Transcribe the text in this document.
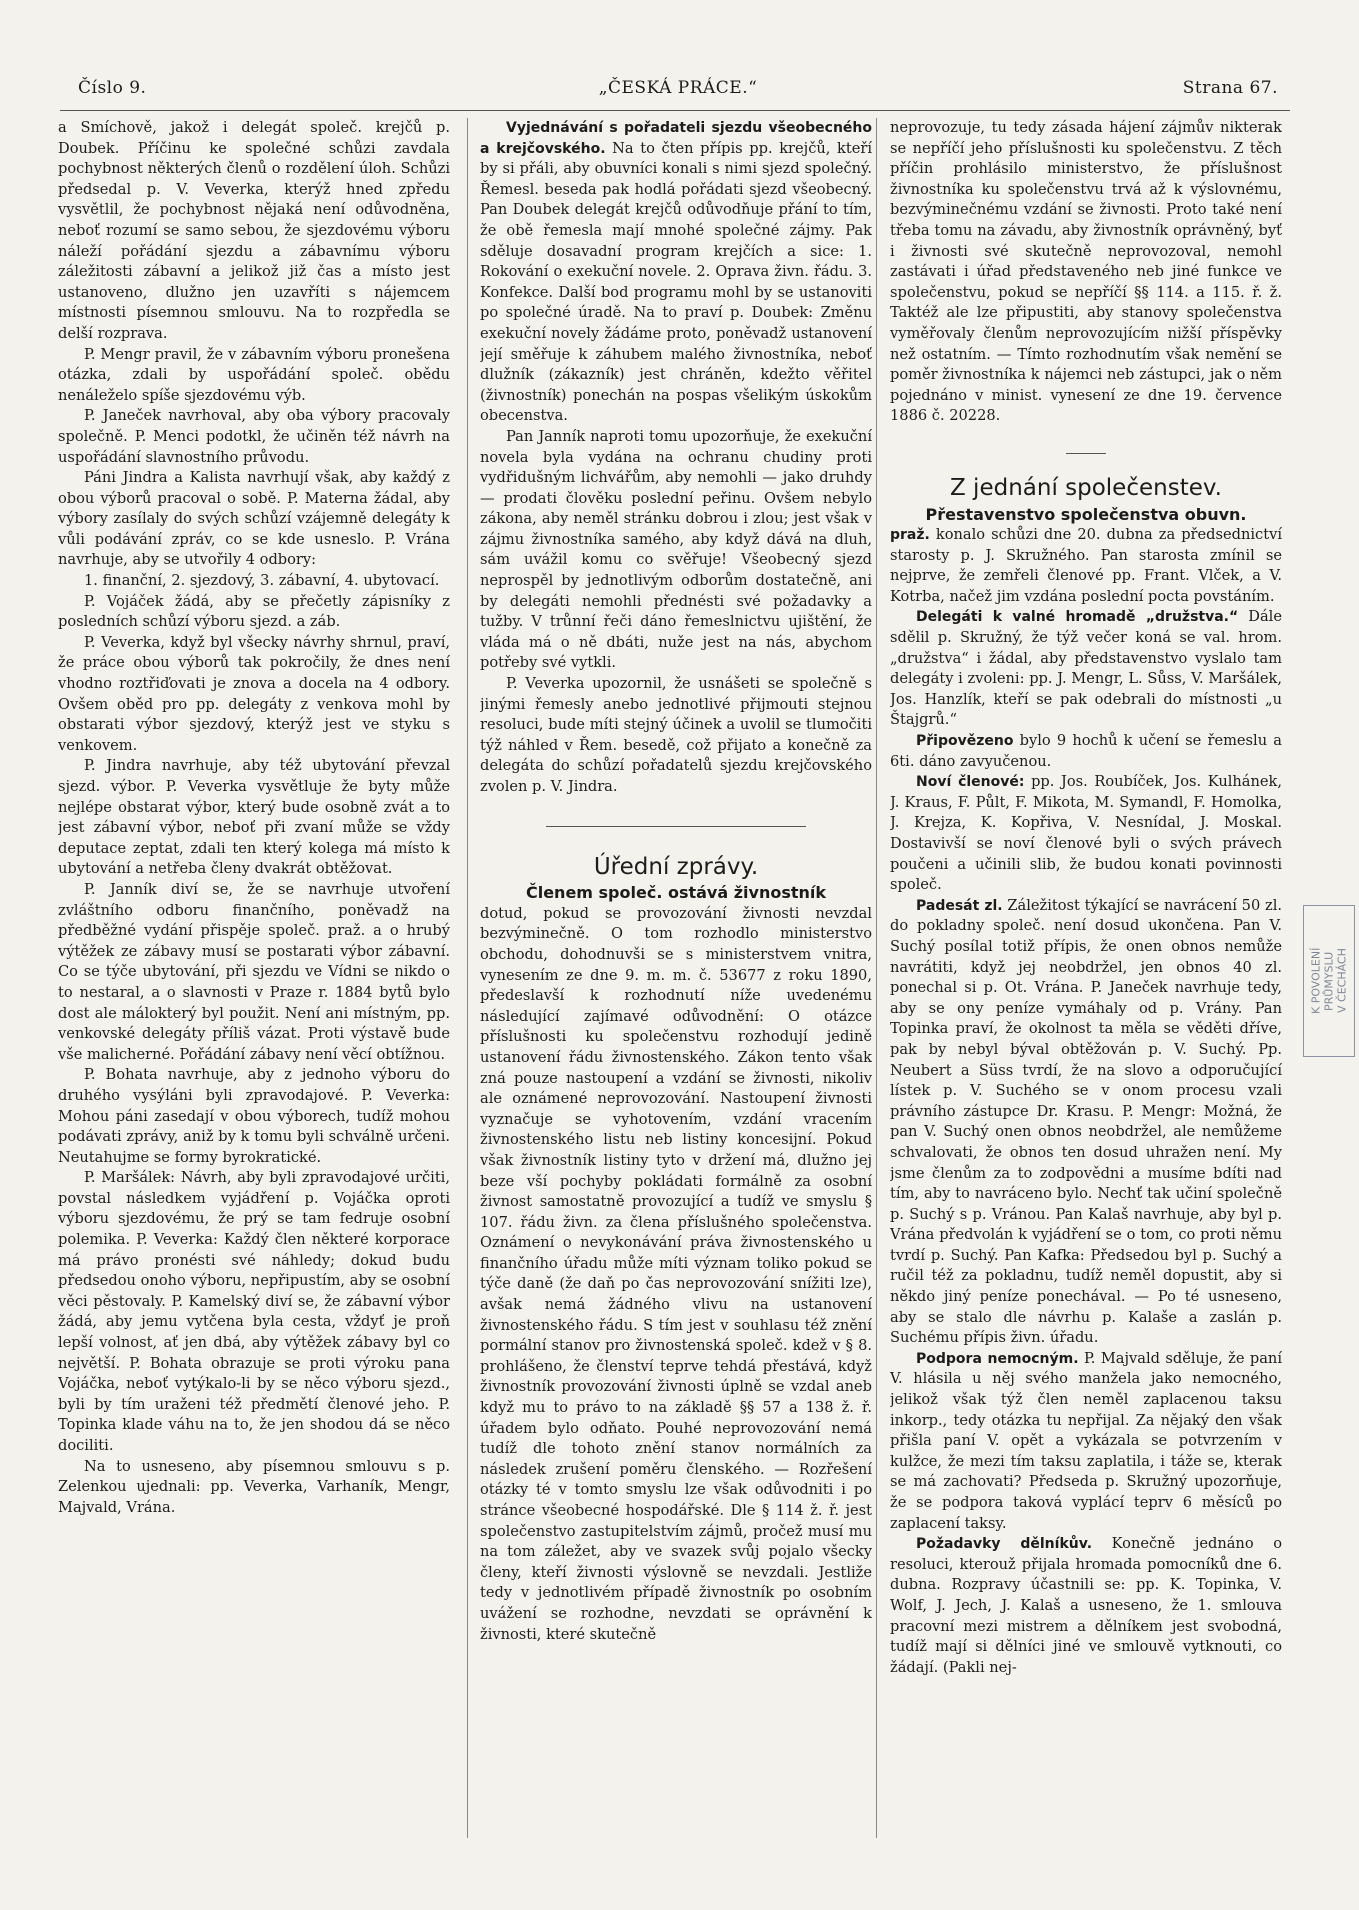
Číslo 9.	„ČESKÁ PRÁCE.“	Strana 67.

a Smíchově, jakož i delegát společ. krejčů p. Doubek. Příčinu ke společné schůzi zavdala pochybnost některých členů o rozdělení úloh. Schůzi předsedal p. V. Veverka, kterýž hned zpředu vysvětlil, že pochybnost nějaká není odůvodněna, neboť rozumí se samo sebou, že sjezdovému výboru náleží pořádání sjezdu a zábavnímu výboru záležitosti zábavní a jelikož již čas a místo jest ustanoveno, dlužno jen uzavříti s nájemcem místnosti písemnou smlouvu. Na to rozpředla se delší rozprava.

P. Mengr pravil, že v zábavním výboru pronešena otázka, zdali by uspořádání společ. obědu nenáleželo spíše sjezdovému výb.

P. Janeček navrhoval, aby oba výbory pracovaly společně. P. Menci podotkl, že učiněn též návrh na uspořádání slavnostního průvodu.

Páni Jindra a Kalista navrhují však, aby každý z obou výborů pracoval o sobě. P. Materna žádal, aby výbory zasílaly do svých schůzí vzájemně delegáty k vůli podávání zpráv, co se kde usneslo. P. Vrána navrhuje, aby se utvořily 4 odbory:

1. finanční, 2. sjezdový, 3. zábavní, 4. ubytovací.

P. Vojáček žádá, aby se přečetly zápisníky z posledních schůzí výboru sjezd. a záb.

P. Veverka, když byl všecky návrhy shrnul, praví, že práce obou výborů tak pokročily, že dnes není vhodno roztřiďovati je znova a docela na 4 odbory. Ovšem oběd pro pp. delegáty z venkova mohl by obstarati výbor sjezdový, kterýž jest ve styku s venkovem.

P. Jindra navrhuje, aby též ubytování převzal sjezd. výbor. P. Veverka vysvětluje že byty může nejlépe obstarat výbor, který bude osobně zvát a to jest zábavní výbor, neboť při zvaní může se vždy deputace zeptat, zdali ten který kolega má místo k ubytování a netřeba členy dvakrát obtěžovat.

P. Janník diví se, že se navrhuje utvoření zvláštního odboru finančního, poněvadž na předběžné vydání přispěje společ. praž. a o hrubý výtěžek ze zábavy musí se postarati výbor zábavní. Co se týče ubytování, při sjezdu ve Vídni se nikdo o to nestaral, a o slavnosti v Praze r. 1884 bytů bylo dost ale málokterý byl použit. Není ani místným, pp. venkovské delegáty příliš vázat. Proti výstavě bude vše malicherné. Pořádání zábavy není věcí obtížnou.

P. Bohata navrhuje, aby z jednoho výboru do druhého vysýláni byli zpravodajové. P. Veverka: Mohou páni zasedají v obou výborech, tudíž mohou podávati zprávy, aniž by k tomu byli schválně určeni. Neutahujme se formy byrokratické.

P. Maršálek: Návrh, aby byli zpravodajové určiti, povstal následkem vyjádření p. Vojáčka oproti výboru sjezdovému, že prý se tam fedruje osobní polemika. P. Veverka: Každý člen některé korporace má právo pronésti své náhledy; dokud budu předsedou onoho výboru, nepřipustím, aby se osobní věci pěstovaly. P. Kamelský diví se, že zábavní výbor žádá, aby jemu vytčena byla cesta, vždyť je proň lepší volnost, ať jen dbá, aby výtěžek zábavy byl co největší. P. Bohata obrazuje se proti výroku pana Vojáčka, neboť vytýkalo-li by se něco výboru sjezd., byli by tím uraženi též předmětí členové jeho. P. Topinka klade váhu na to, že jen shodou dá se něco dociliti.

Na to usneseno, aby písemnou smlouvu s p. Zelenkou ujednali: pp. Veverka, Varhaník, Mengr, Majvald, Vrána.

Vyjednávání s pořadateli sjezdu všeobecného a krejčovského. Na to čten přípis pp. krejčů, kteří by si přáli, aby obuvníci konali s nimi sjezd společný. Řemesl. beseda pak hodlá pořádati sjezd všeobecný. Pan Doubek delegát krejčů odůvodňuje přání to tím, že obě řemesla mají mnohé společné zájmy. Pak sděluje dosavadní program krejčích a sice: 1. Rokování o exekuční novele. 2. Oprava živn. řádu. 3. Konfekce. Další bod programu mohl by se ustanoviti po společné úradě. Na to praví p. Doubek: Změnu exekuční novely žádáme proto, poněvadž ustanovení její směřuje k záhubem malého živnostníka, neboť dlužník (zákazník) jest chráněn, kdežto věřitel (živnostník) ponechán na pospas všelikým úskokům obecenstva.

Pan Janník naproti tomu upozorňuje, že exekuční novela byla vydána na ochranu chudiny proti vydřidušným lichvářům, aby nemohli — jako druhdy — prodati člověku poslední peřinu. Ovšem nebylo zákona, aby neměl stránku dobrou i zlou; jest však v zájmu živnostníka samého, aby když dává na dluh, sám uvážil komu co svěřuje! Všeobecný sjezd neprospěl by jednotlivým odborům dostatečně, ani by delegáti nemohli přednésti své požadavky a tužby. V trůnní řeči dáno řemeslnictvu ujištění, že vláda má o ně dbáti, nuže jest na nás, abychom potřeby své vytkli.

P. Veverka upozornil, že usnášeti se společně s jinými řemesly anebo jednotlivé přijmouti stejnou resoluci, bude míti stejný účinek a uvolil se tlumočiti týž náhled v Řem. besedě, což přijato a konečně za delegáta do schůzí pořadatelů sjezdu krejčovského zvolen p. V. Jindra.

Úřední zprávy.
Členem společ. ostává živnostník

dotud, pokud se provozování živnosti nevzdal bezvýminečně. O tom rozhodlo ministerstvo obchodu, dohodnuvši se s ministerstvem vnitra, vynesením ze dne 9. m. m. č. 53677 z roku 1890, předeslavší k rozhodnutí níže uvedenému následující zajímavé odůvodnění: O otázce příslušnosti ku společenstvu rozhodují jedině ustanovení řádu živnostenského. Zákon tento však zná pouze nastoupení a vzdání se živnosti, nikoliv ale oznámené neprovozování. Nastoupení živnosti vyznačuje se vyhotovením, vzdání vracením živnostenského listu neb listiny koncesijní. Pokud však živnostník listiny tyto v držení má, dlužno jej beze vší pochyby pokládati formálně za osobní živnost samostatně provozující a tudíž ve smyslu § 107. řádu živn. za člena příslušného společenstva. Oznámení o nevykonávání práva živnostenského u finančního úřadu může míti význam toliko pokud se týče daně (že daň po čas neprovozování snížiti lze), avšak nemá žádného vlivu na ustanovení živnostenského řádu. S tím jest v souhlasu též znění pormální stanov pro živnostenská společ. kdež v § 8. prohlášeno, že členství teprve tehdá přestává, když živnostník provozování živnosti úplně se vzdal aneb když mu to právo to na základě §§ 57 a 138 ž. ř. úřadem bylo odňato. Pouhé neprovozování nemá tudíž dle tohoto znění stanov normálních za následek zrušení poměru členského. — Rozřešení otázky té v tomto smyslu lze však odůvodniti i po stránce všeobecné hospodářské. Dle § 114 ž. ř. jest společenstvo zastupitelstvím zájmů, pročež musí mu na tom záležet, aby ve svazek svůj pojalo všecky členy, kteří živnosti výslovně se nevzdali. Jestliže tedy v jednotlivém případě živnostník po osobním uvážení se rozhodne, nevzdati se oprávnění k živnosti, které skutečně

neprovozuje, tu tedy zásada hájení zájmův nikterak se nepříčí jeho příslušnosti ku společenstvu. Z těch příčin prohlásilo ministerstvo, že příslušnost živnostníka ku společenstvu trvá až k výslovnému, bezvýminečnému vzdání se živnosti. Proto také není třeba tomu na závadu, aby živnostník oprávněný, byť i živnosti své skutečně neprovozoval, nemohl zastávati i úřad představeného neb jiné funkce ve společenstvu, pokud se nepříčí §§ 114. a 115. ř. ž. Taktéž ale lze připustiti, aby stanovy společenstva vyměřovaly členům neprovozujícím nižší příspěvky než ostatním. — Tímto rozhodnutím však nemění se poměr živnostníka k nájemci neb zástupci, jak o něm pojednáno v minist. vynesení ze dne 19. července 1886 č. 20228.

Z jednání společenstev.
Přestavenstvo společenstva obuvn.

praž. konalo schůzi dne 20. dubna za předsednictví starosty p. J. Skružného. Pan starosta zmínil se nejprve, že zemřeli členové pp. Frant. Vlček, a V. Kotrba, načež jim vzdána poslední pocta povstáním.

Delegáti k valné hromadě „družstva.“ Dále sdělil p. Skružný, že týž večer koná se val. hrom. „družstva“ i žádal, aby představenstvo vyslalo tam delegáty i zvoleni: pp. J. Mengr, L. Sůss, V. Maršálek, Jos. Hanzlík, kteří se pak odebrali do místnosti „u Štajgrů.“

Připovězeno bylo 9 hochů k učení se řemeslu a 6ti. dáno zavyučenou.

Noví členové: pp. Jos. Roubíček, Jos. Kulhánek, J. Kraus, F. Půlt, F. Mikota, M. Symandl, F. Homolka, J. Krejza, K. Kopřiva, V. Nesnídal, J. Moskal. Dostavivší se noví členové byli o svých právech poučeni a učinili slib, že budou konati povinnosti společ.

Padesát zl. Záležitost týkající se navrácení 50 zl. do pokladny společ. není dosud ukončena. Pan V. Suchý posílal totiž přípis, že onen obnos nemůže navrátiti, když jej neobdržel, jen obnos 40 zl. ponechal si p. Ot. Vrána. P. Janeček navrhuje tedy, aby se ony peníze vymáhaly od p. Vrány. Pan Topinka praví, že okolnost ta měla se věděti dříve, pak by nebyl býval obtěžován p. V. Suchý. Pp. Neubert a Süss tvrdí, že na slovo a odporučující lístek p. V. Suchého se v onom procesu vzali právního zástupce Dr. Krasu. P. Mengr: Možná, že pan V. Suchý onen obnos neobdržel, ale nemůžeme schvalovati, že obnos ten dosud uhražen není. My jsme členům za to zodpovědni a musíme bdíti nad tím, aby to navráceno bylo. Nechť tak učiní společně p. Suchý s p. Vránou. Pan Kalaš navrhuje, aby byl p. Vrána předvolán k vyjádření se o tom, co proti němu tvrdí p. Suchý. Pan Kafka: Předsedou byl p. Suchý a ručil též za pokladnu, tudíž neměl dopustit, aby si někdo jiný peníze ponechával. — Po té usneseno, aby se stalo dle návrhu p. Kalaše a zaslán p. Suchému přípis živn. úřadu.

Podpora nemocným. P. Majvald sděluje, že paní V. hlásila u něj svého manžela jako nemocného, jelikož však týž člen neměl zaplacenou taksu inkorp., tedy otázka tu nepřijal. Za nějaký den však přišla paní V. opět a vykázala se potvrzením v kulžce, že mezi tím taksu zaplatila, i táže se, kterak se má zachovati? Předseda p. Skružný upozorňuje, že se podpora taková vyplácí teprv 6 měsíců po zaplacení taksy.

Požadavky dělníkův. Konečně jednáno o resoluci, kterouž přijala hromada pomocníků dne 6. dubna. Rozpravy účastnili se: pp. K. Topinka, V. Wolf, J. Jech, J. Kalaš a usneseno, že 1. smlouva pracovní mezi mistrem a dělníkem jest svobodná, tudíž mají si dělníci jiné ve smlouvě vytknouti, co žádají. (Pakli nej-

K POVOLENÍ
PRŮMYSLU
V ČECHÁCH
